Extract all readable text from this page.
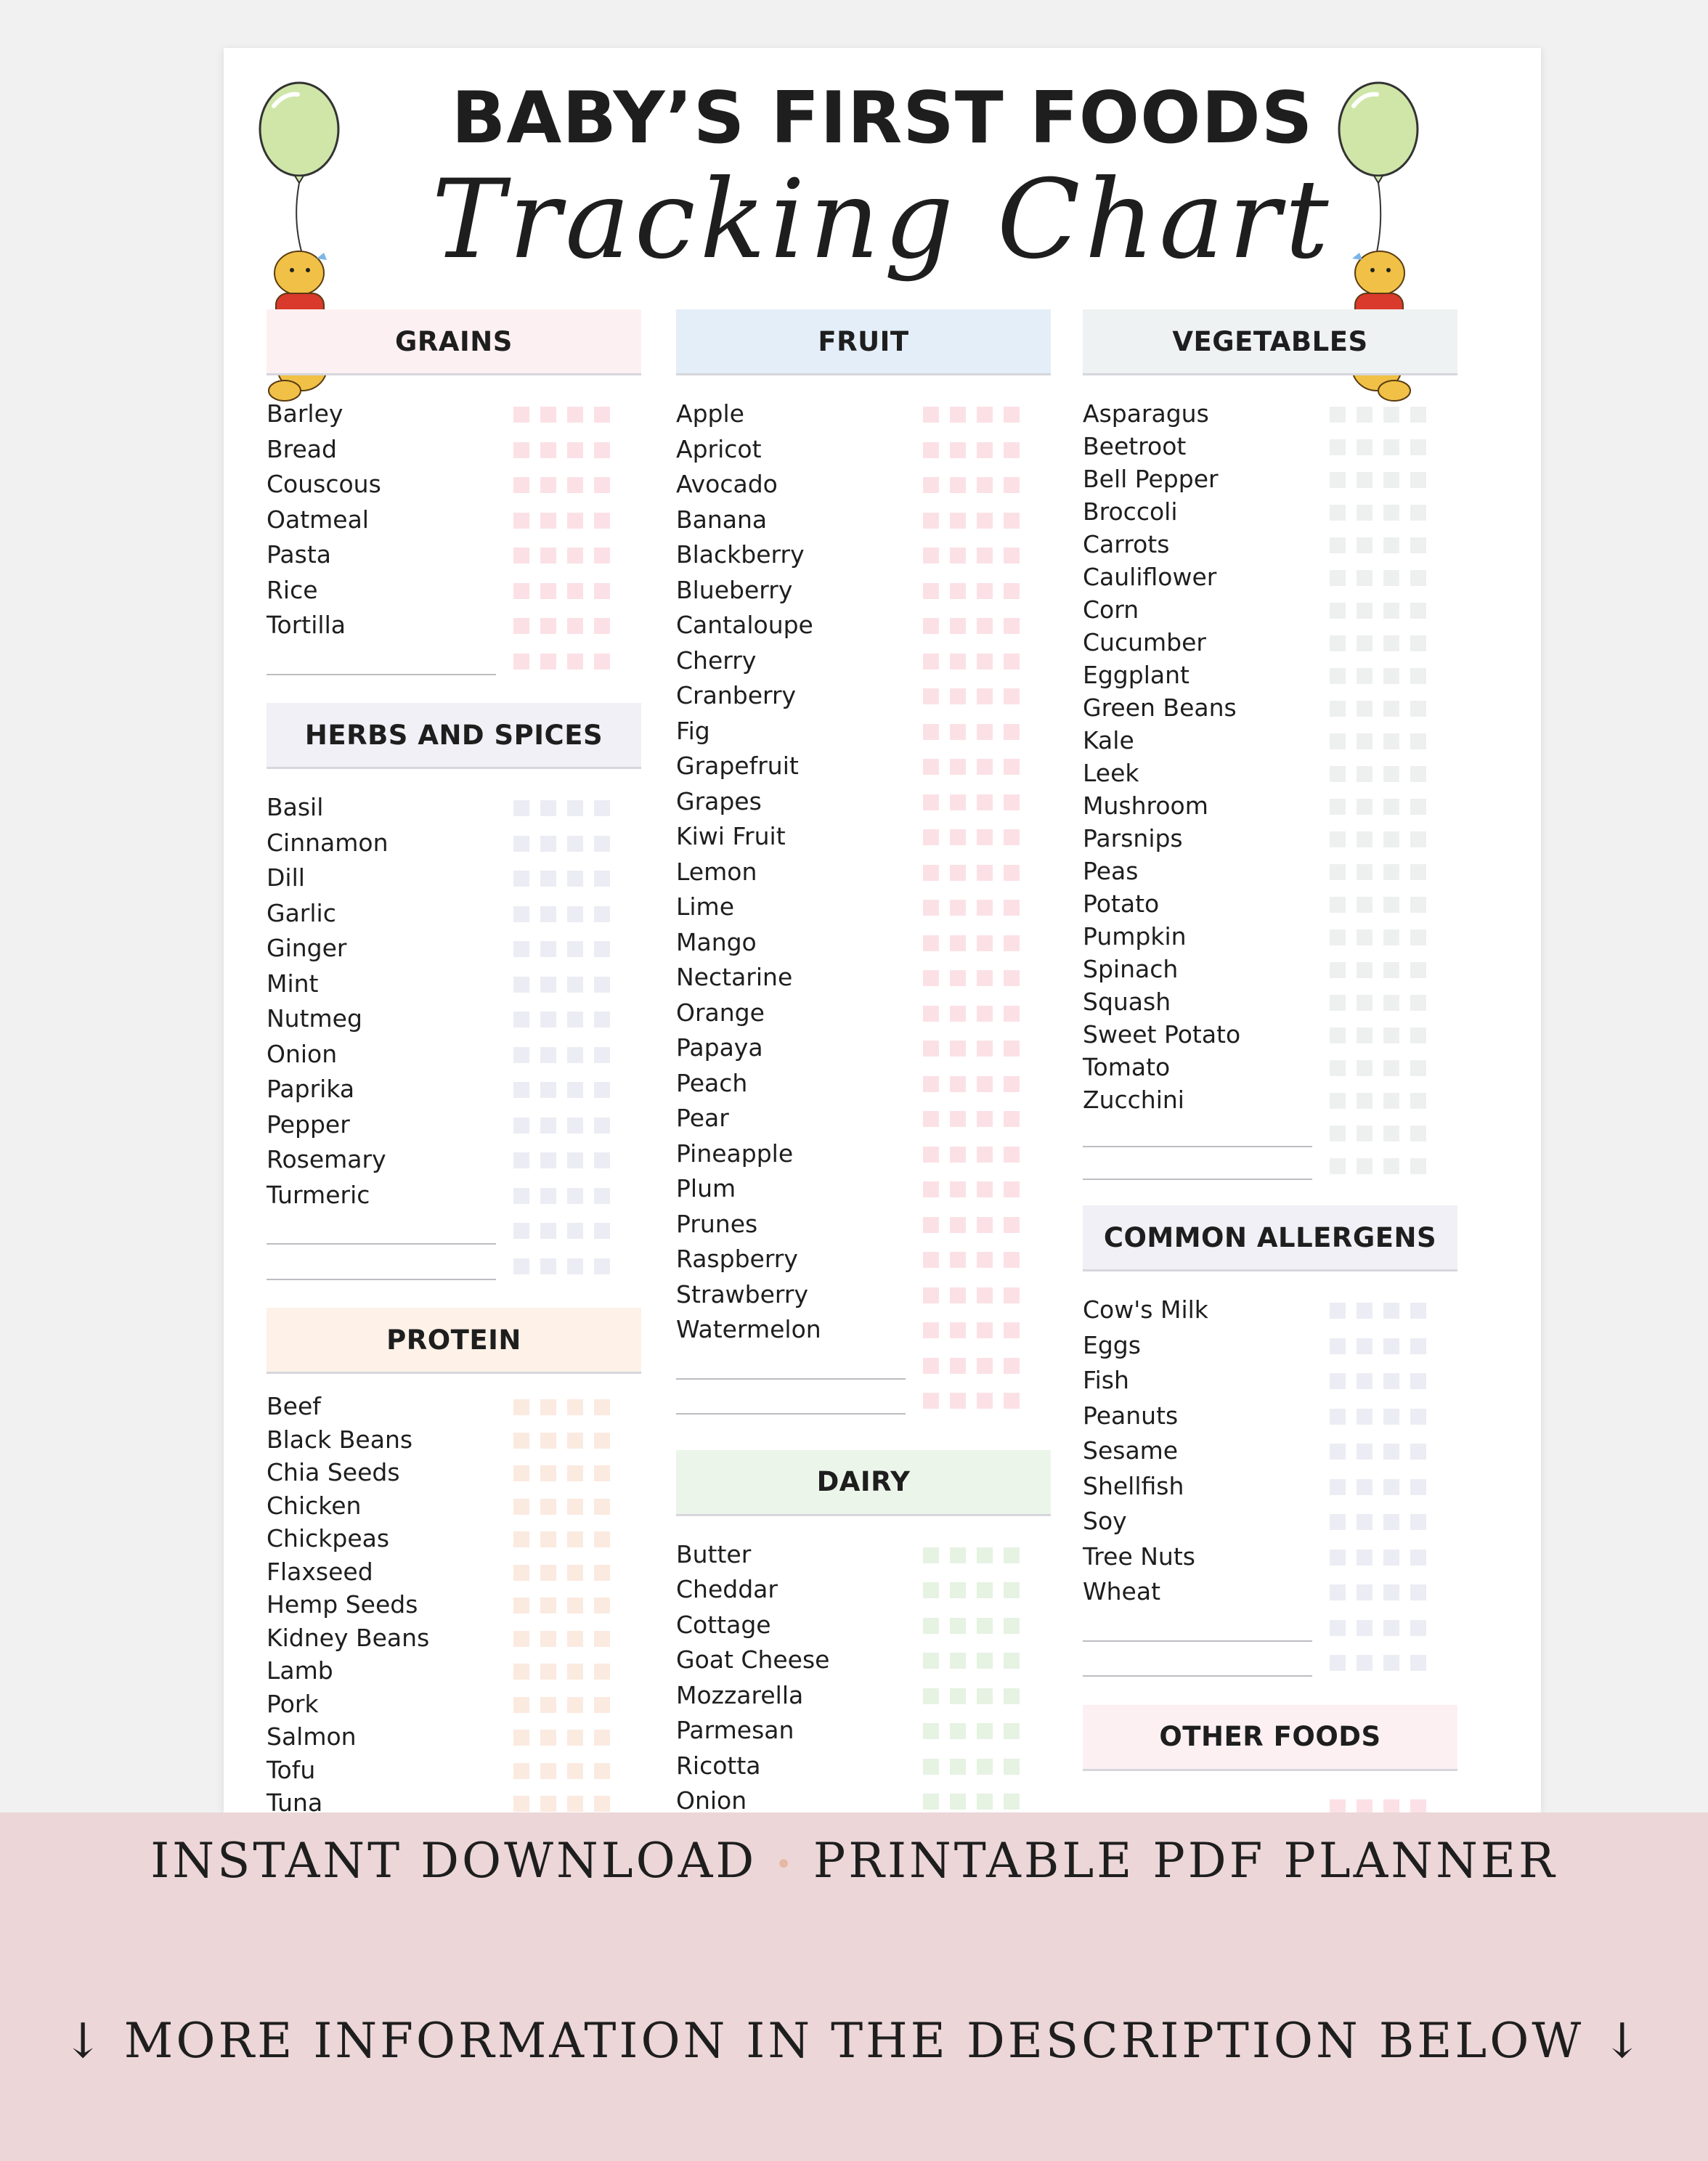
BABY’S FIRST FOODS
Tracking Chart
GRAINS
Barley
Bread
Couscous
Oatmeal
Pasta
Rice
Tortilla
HERBS AND SPICES
Basil
Cinnamon
Dill
Garlic
Ginger
Mint
Nutmeg
Onion
Paprika
Pepper
Rosemary
Turmeric
PROTEIN
Beef
Black Beans
Chia Seeds
Chicken
Chickpeas
Flaxseed
Hemp Seeds
Kidney Beans
Lamb
Pork
Salmon
Tofu
Tuna
FRUIT
Apple
Apricot
Avocado
Banana
Blackberry
Blueberry
Cantaloupe
Cherry
Cranberry
Fig
Grapefruit
Grapes
Kiwi Fruit
Lemon
Lime
Mango
Nectarine
Orange
Papaya
Peach
Pear
Pineapple
Plum
Prunes
Raspberry
Strawberry
Watermelon
DAIRY
Butter
Cheddar
Cottage
Goat Cheese
Mozzarella
Parmesan
Ricotta
Onion
VEGETABLES
Asparagus
Beetroot
Bell Pepper
Broccoli
Carrots
Cauliflower
Corn
Cucumber
Eggplant
Green Beans
Kale
Leek
Mushroom
Parsnips
Peas
Potato
Pumpkin
Spinach
Squash
Sweet Potato
Tomato
Zucchini
COMMON ALLERGENS
Cow's Milk
Eggs
Fish
Peanuts
Sesame
Shellfish
Soy
Tree Nuts
Wheat
OTHER FOODS
INSTANT DOWNLOAD • PRINTABLE PDF PLANNER
↓ MORE INFORMATION IN THE DESCRIPTION BELOW ↓
